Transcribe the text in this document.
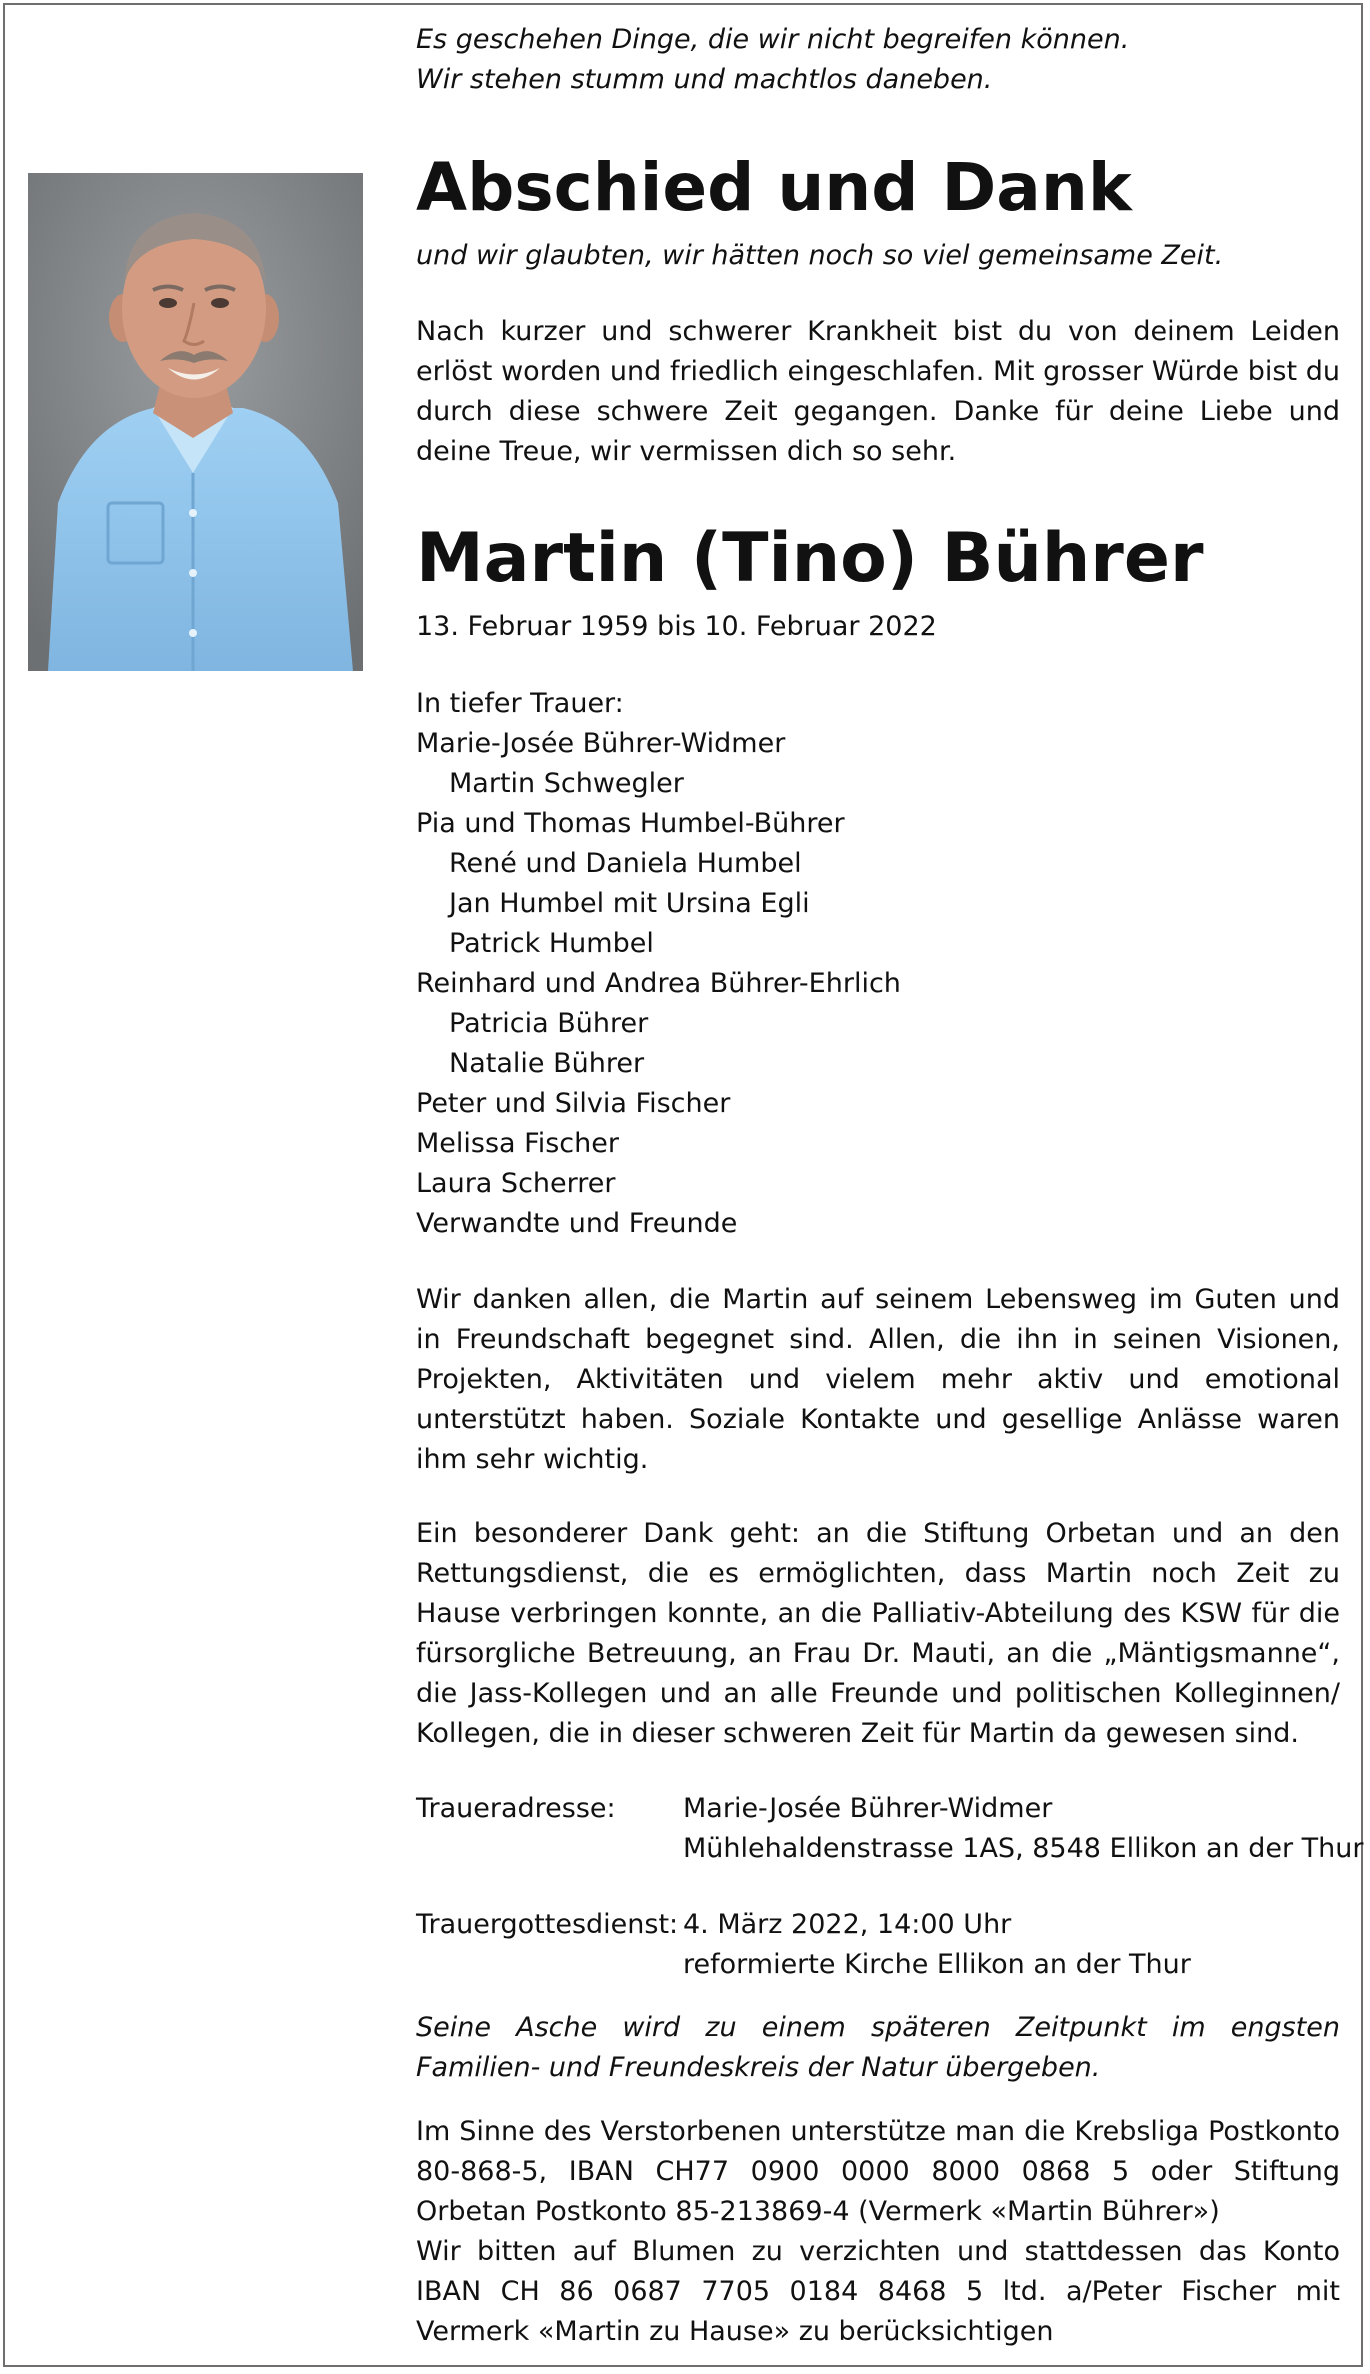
Es geschehen Dinge, die wir nicht begreifen können.
Wir stehen stumm und machtlos daneben.
Abschied und Dank
und wir glaubten, wir hätten noch so viel gemeinsame Zeit.
Nach kurzer und schwerer Krankheit bist du von deinem Leiden erlöst worden und friedlich eingeschlafen. Mit grosser Würde bist du durch diese schwere Zeit gegangen. Danke für deine Liebe und deine Treue, wir vermissen dich so sehr.
Martin (Tino) Bührer
13. Februar 1959 bis 10. Februar 2022
In tiefer Trauer:
Marie-Josée Bührer-Widmer
Martin Schwegler
Pia und Thomas Humbel-Bührer
René und Daniela Humbel
Jan Humbel mit Ursina Egli
Patrick Humbel
Reinhard und Andrea Bührer-Ehrlich
Patricia Bührer
Natalie Bührer
Peter und Silvia Fischer
Melissa Fischer
Laura Scherrer
Verwandte und Freunde
Wir danken allen, die Martin auf seinem Lebensweg im Guten und in Freundschaft begegnet sind. Allen, die ihn in seinen Visionen, Projekten, Aktivitäten und vielem mehr aktiv und emotional unterstützt haben. Soziale Kontakte und gesellige Anlässe waren ihm sehr wichtig.
Ein besonderer Dank geht: an die Stiftung Orbetan und an den Rettungsdienst, die es ermöglichten, dass Martin noch Zeit zu Hause verbringen konnte, an die Palliativ-Abteilung des KSW für die fürsorgliche Betreuung, an Frau Dr. Mauti, an die „Mäntigsmanne“, die Jass-Kollegen und an alle Freunde und politischen Kolleginnen/ Kollegen, die in dieser schweren Zeit für Martin da gewesen sind.
Traueradresse: Marie-Josée Bührer-Widmer
Mühlehaldenstrasse 1AS, 8548 Ellikon an der Thur
Trauergottesdienst: 4. März 2022, 14:00 Uhr
reformierte Kirche Ellikon an der Thur
Seine Asche wird zu einem späteren Zeitpunkt im engsten Familien- und Freundeskreis der Natur übergeben.
Im Sinne des Verstorbenen unterstütze man die Krebsliga Postkonto 80-868-5, IBAN CH77 0900 0000 8000 0868 5 oder Stiftung Orbetan Postkonto 85-213869-4 (Vermerk «Martin Bührer»)
Wir bitten auf Blumen zu verzichten und stattdessen das Konto IBAN CH 86 0687 7705 0184 8468 5 ltd. a/Peter Fischer mit Vermerk «Martin zu Hause» zu berücksichtigen
